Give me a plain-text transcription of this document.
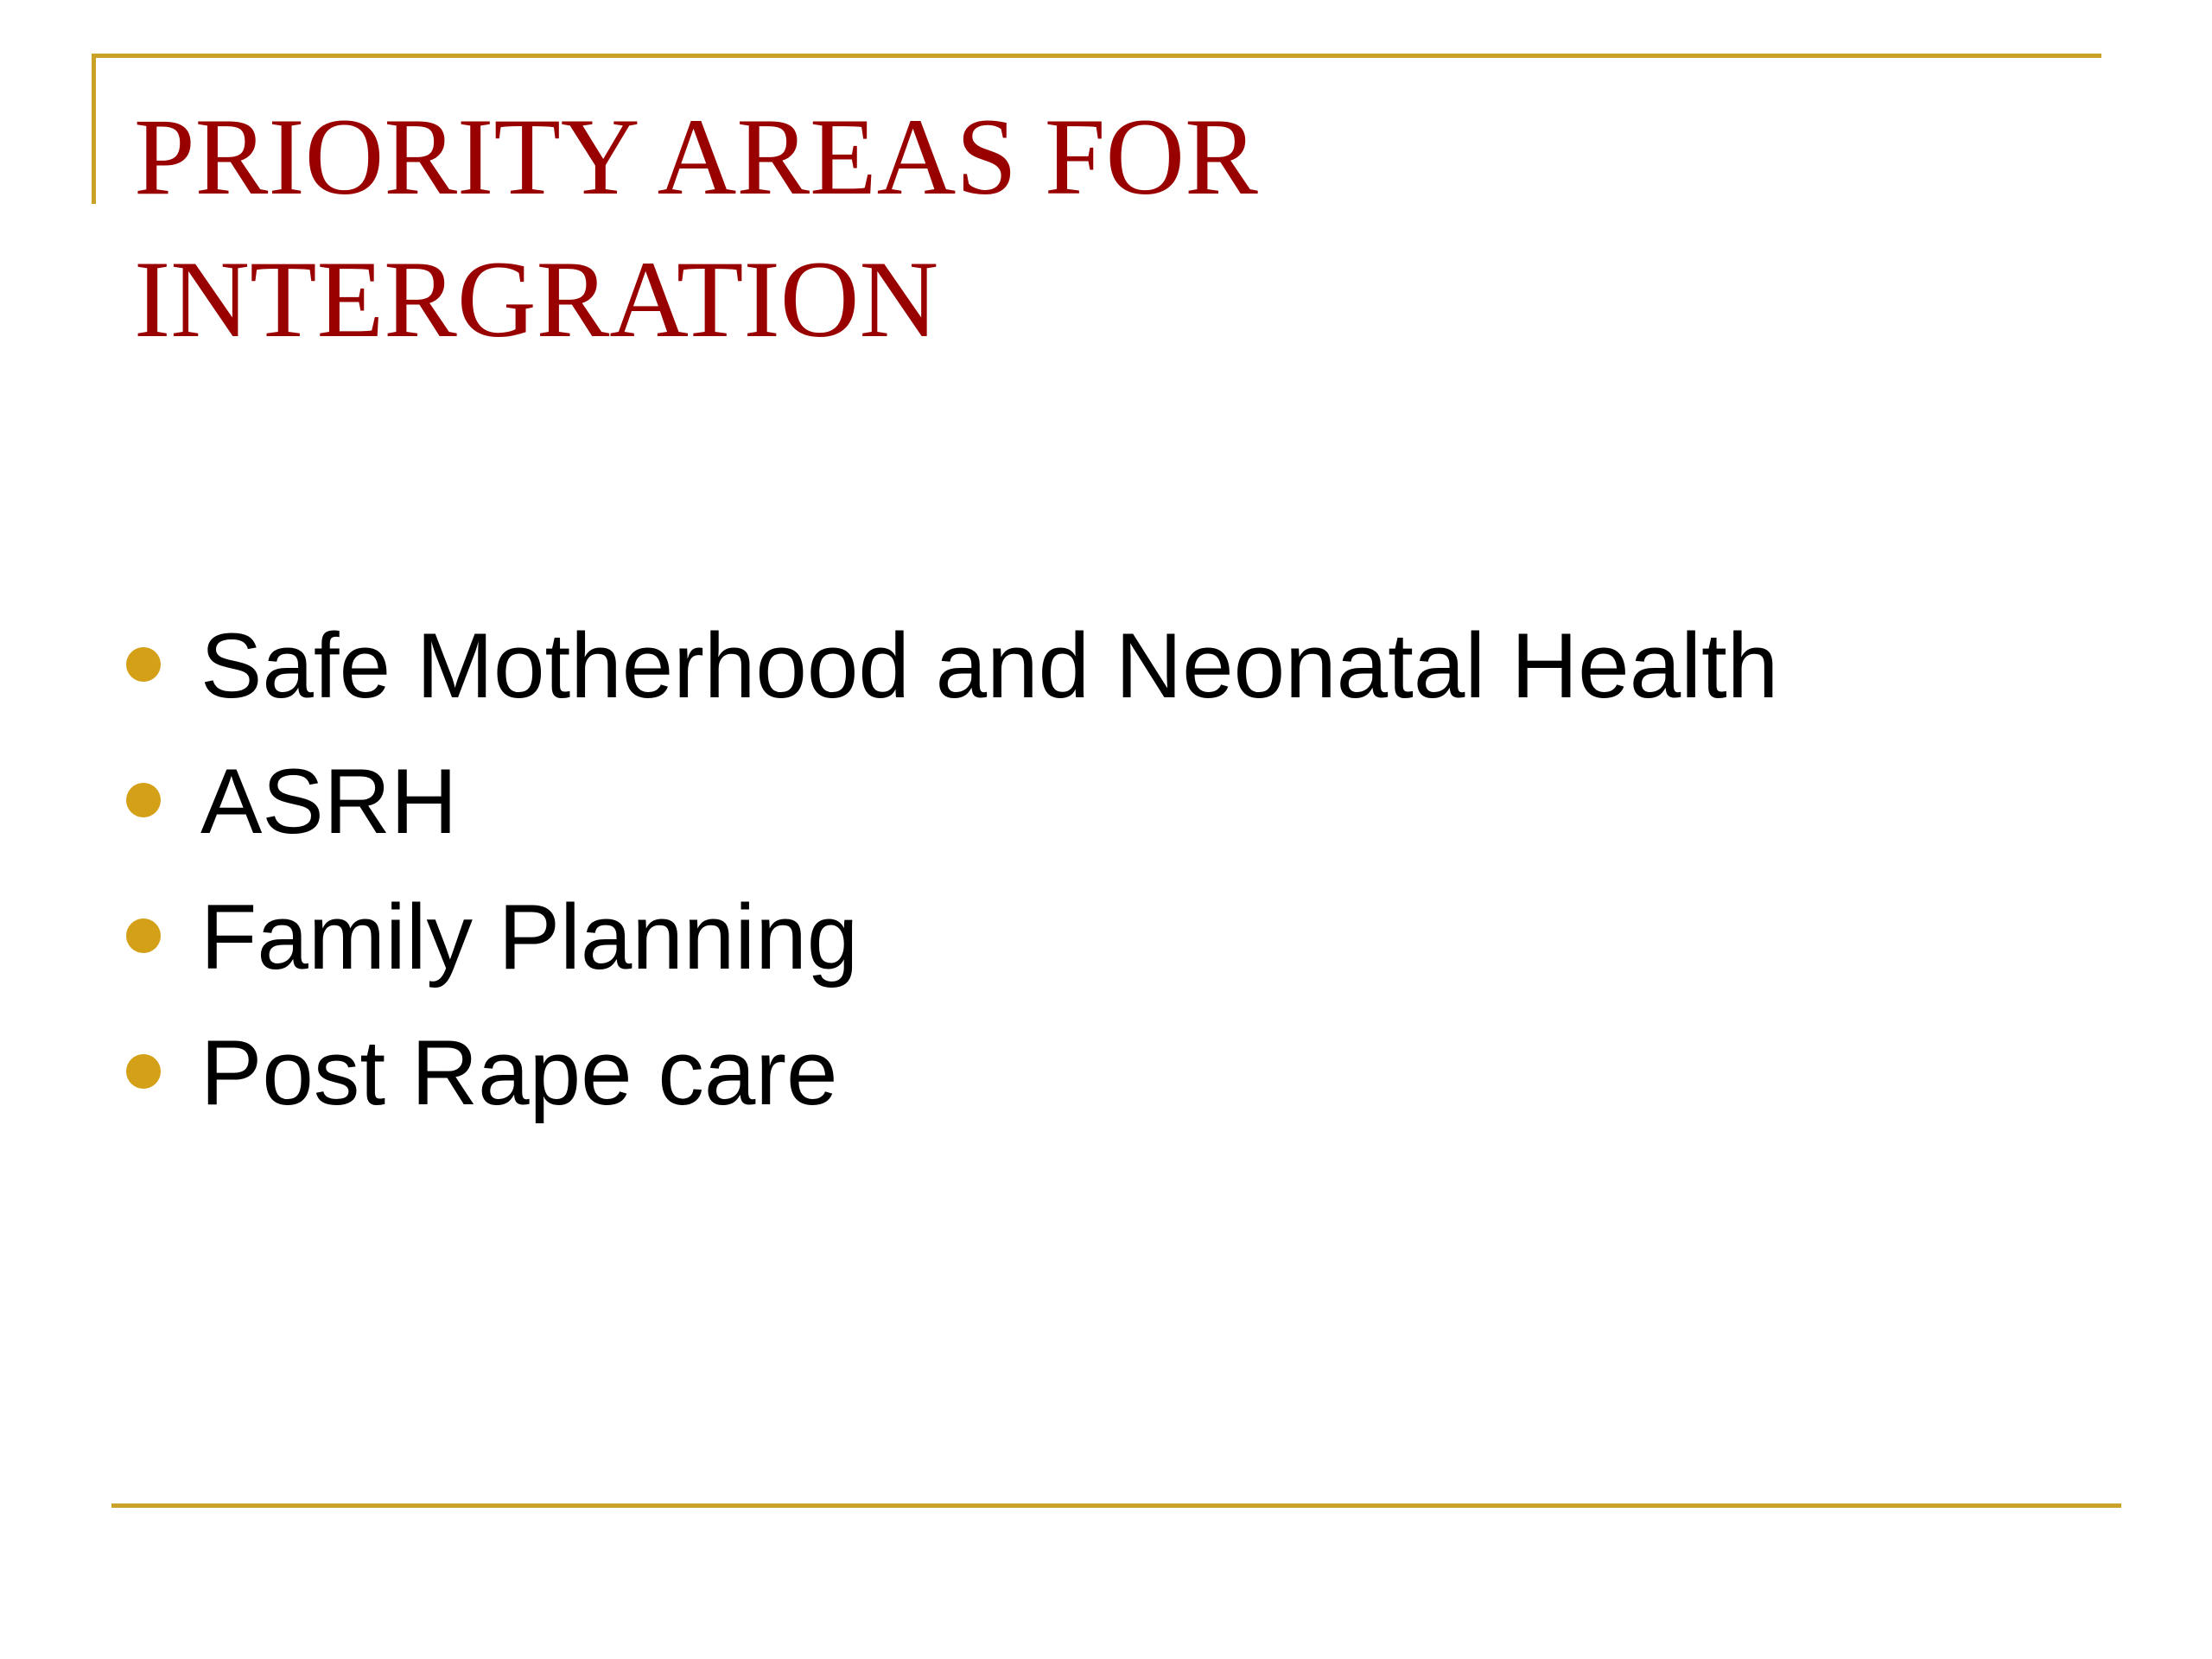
PRIORITY AREAS FOR INTERGRATION
Safe Motherhood and Neonatal Health
ASRH
Family Planning
Post Rape care
